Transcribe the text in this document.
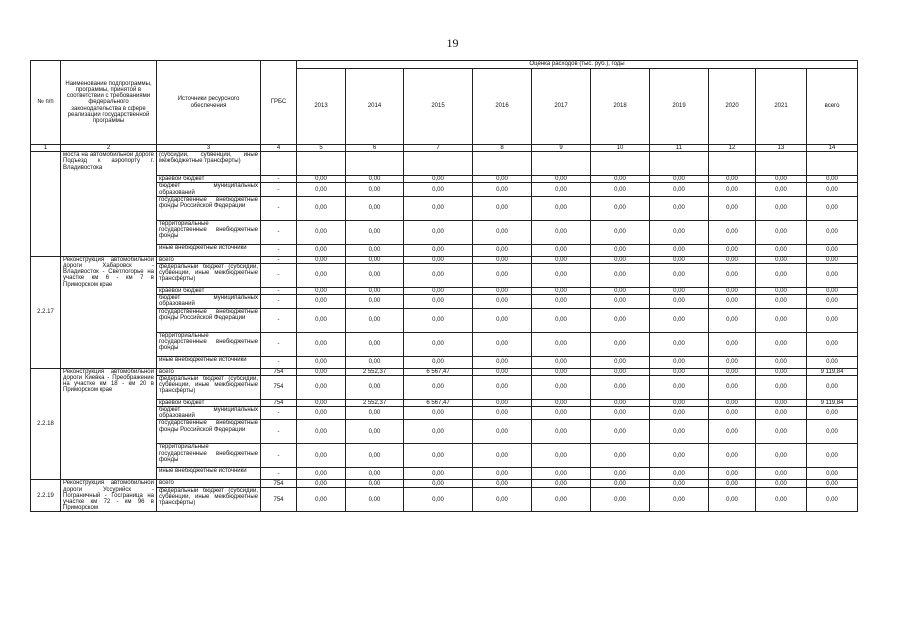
19
№ п/п	Наименование подпрограммы, программы, принятой в соответствии с требованиями федерального законодательства в сфере реализации государственной программы	Источники ресурсного обеспечения	ГРБС	Оценка расходов (тыс. руб.), годы									
				2013	2014	2015	2016	2017	2018	2019	2020	2021	всего
1	2	3	4	5	6	7	8	9	10	11	12	13	14
	моста на автомобильной дороге Подъезд к аэропорту г. Владивостока	(субсидии, субвенции, иные межбюджетные трансферты)											
		краевой бюджет	-	0,00	0,00	0,00	0,00	0,00	0,00	0,00	0,00	0,00	0,00
		бюджет муниципальных образований	-	0,00	0,00	0,00	0,00	0,00	0,00	0,00	0,00	0,00	0,00
		государственные внебюджетные фонды Российской Федерации	-	0,00	0,00	0,00	0,00	0,00	0,00	0,00	0,00	0,00	0,00
		территориальные государственные внебюджетные фонды	-	0,00	0,00	0,00	0,00	0,00	0,00	0,00	0,00	0,00	0,00
		иные внебюджетные источники	-	0,00	0,00	0,00	0,00	0,00	0,00	0,00	0,00	0,00	0,00
2.2.17	Реконструкция автомобильной дороги Хабаровск - Владивосток - Светлогорье на участке км 6 - км 7 в Приморском крае	всего	-	0,00	0,00	0,00	0,00	0,00	0,00	0,00	0,00	0,00	0,00
		федеральный бюджет (субсидии, субвенции, иные межбюджетные трансферты)	-	0,00	0,00	0,00	0,00	0,00	0,00	0,00	0,00	0,00	0,00
		краевой бюджет	-	0,00	0,00	0,00	0,00	0,00	0,00	0,00	0,00	0,00	0,00
		бюджет муниципальных образований	-	0,00	0,00	0,00	0,00	0,00	0,00	0,00	0,00	0,00	0,00
		государственные внебюджетные фонды Российской Федерации	-	0,00	0,00	0,00	0,00	0,00	0,00	0,00	0,00	0,00	0,00
		территориальные государственные внебюджетные фонды	-	0,00	0,00	0,00	0,00	0,00	0,00	0,00	0,00	0,00	0,00
		иные внебюджетные источники	-	0,00	0,00	0,00	0,00	0,00	0,00	0,00	0,00	0,00	0,00
2.2.18	Реконструкция автомобильной дороги Киевка - Преображение на участке км 18 - км 20 в Приморском крае	всего	754	0,00	2 552,37	6 567,47	0,00	0,00	0,00	0,00	0,00	0,00	9 119,84
		федеральный бюджет (субсидии, субвенции, иные межбюджетные трансферты)	754	0,00	0,00	0,00	0,00	0,00	0,00	0,00	0,00	0,00	0,00
		краевой бюджет	754	0,00	2 552,37	6 567,47	0,00	0,00	0,00	0,00	0,00	0,00	9 119,84
		бюджет муниципальных образований	-	0,00	0,00	0,00	0,00	0,00	0,00	0,00	0,00	0,00	0,00
		государственные внебюджетные фонды Российской Федерации	-	0,00	0,00	0,00	0,00	0,00	0,00	0,00	0,00	0,00	0,00
		территориальные государственные внебюджетные фонды	-	0,00	0,00	0,00	0,00	0,00	0,00	0,00	0,00	0,00	0,00
		иные внебюджетные источники	-	0,00	0,00	0,00	0,00	0,00	0,00	0,00	0,00	0,00	0,00
2.2.19	Реконструкция автомобильной дороги Уссурийск - Пограничный - Госграница на участке км 72 - км 96 в Приморском	всего	754	0,00	0,00	0,00	0,00	0,00	0,00	0,00	0,00	0,00	0,00
		федеральный бюджет (субсидии, субвенции, иные межбюджетные трансферты)	754	0,00	0,00	0,00	0,00	0,00	0,00	0,00	0,00	0,00	0,00
